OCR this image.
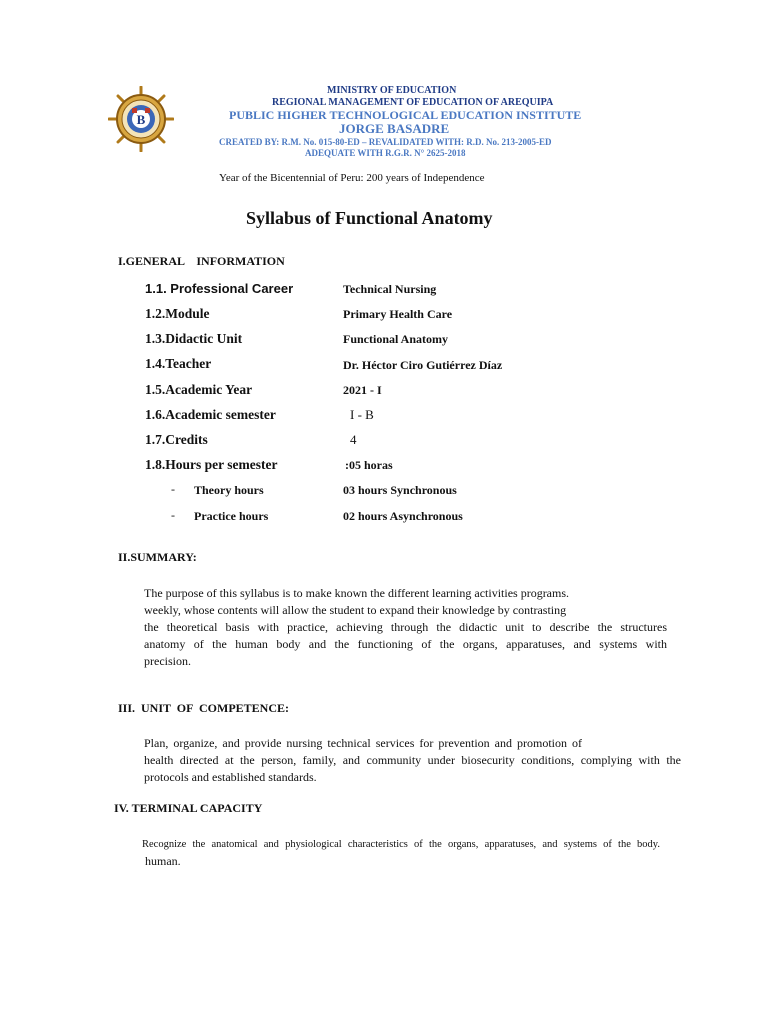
B
MINISTRY OF EDUCATION
REGIONAL MANAGEMENT OF EDUCATION OF AREQUIPA
PUBLIC HIGHER TECHNOLOGICAL EDUCATION INSTITUTE
JORGE BASADRE
CREATED BY: R.M. No. 015-80-ED – REVALIDATED WITH: R.D. No. 213-2005-ED
ADEQUATE WITH R.G.R. N° 2625-2018
Year of the Bicentennial of Peru: 200 years of Independence
Syllabus of Functional Anatomy
I.GENERAL    INFORMATION
1.1. Professional Career	Technical Nursing
1.2.Module	Primary Health Care
1.3.Didactic Unit	Functional Anatomy
1.4.Teacher	Dr. Héctor Ciro Gutiérrez Díaz
1.5.Academic Year	2021 - I
1.6.Academic semester	I - B
1.7.Credits	4
1.8.Hours per semester	:05 horas
- Theory hours	03 hours Synchronous
- Practice hours	02 hours Asynchronous
II.SUMMARY:
The purpose of this syllabus is to make known the different learning activities programs.
weekly, whose contents will allow the student to expand their knowledge by contrasting
the theoretical basis with practice, achieving through the didactic unit to describe the structures
anatomy of the human body and the functioning of the organs, apparatuses, and systems with
precision.
III.  UNIT  OF  COMPETENCE:
Plan, organize, and provide nursing technical services for prevention and promotion of
health directed at the person, family, and community under biosecurity conditions, complying with the
protocols and established standards.
IV. TERMINAL CAPACITY
Recognize the anatomical and physiological characteristics of the organs, apparatuses, and systems of the body.
human.
